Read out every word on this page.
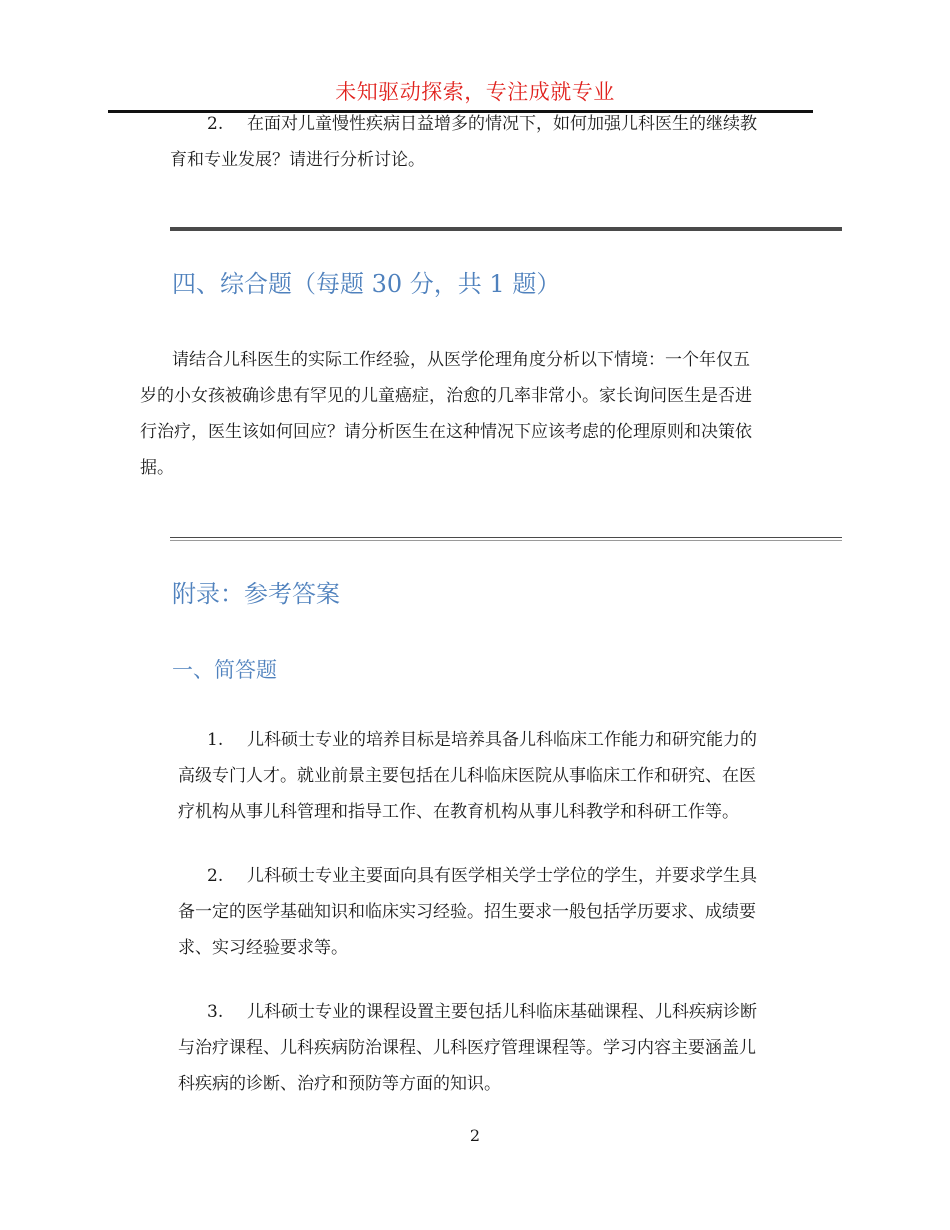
未知驱动探索，专注成就专业
2. 在面对儿童慢性疾病日益增多的情况下，如何加强儿科医生的继续教
育和专业发展？请进行分析讨论。
四、综合题（每题 30 分，共 1 题）
请结合儿科医生的实际工作经验，从医学伦理角度分析以下情境：一个年仅五
岁的小女孩被确诊患有罕见的儿童癌症，治愈的几率非常小。家长询问医生是否进
行治疗，医生该如何回应？请分析医生在这种情况下应该考虑的伦理原则和决策依
据。
附录：参考答案
一、简答题
1. 儿科硕士专业的培养目标是培养具备儿科临床工作能力和研究能力的
高级专门人才。就业前景主要包括在儿科临床医院从事临床工作和研究、在医
疗机构从事儿科管理和指导工作、在教育机构从事儿科教学和科研工作等。
2. 儿科硕士专业主要面向具有医学相关学士学位的学生，并要求学生具
备一定的医学基础知识和临床实习经验。招生要求一般包括学历要求、成绩要
求、实习经验要求等。
3. 儿科硕士专业的课程设置主要包括儿科临床基础课程、儿科疾病诊断
与治疗课程、儿科疾病防治课程、儿科医疗管理课程等。学习内容主要涵盖儿
科疾病的诊断、治疗和预防等方面的知识。
2
